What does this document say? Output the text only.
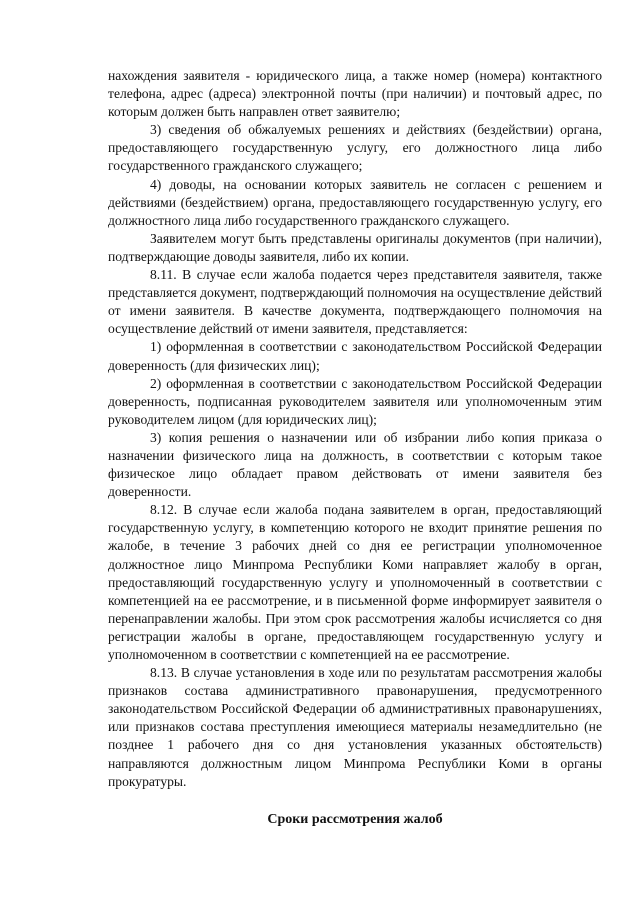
нахождения заявителя - юридического лица, а также номер (номера) контактного телефона, адрес (адреса) электронной почты (при наличии) и почтовый адрес, по которым должен быть направлен ответ заявителю;

3) сведения об обжалуемых решениях и действиях (бездействии) органа, предоставляющего государственную услугу, его должностного лица либо государственного гражданского служащего;

4) доводы, на основании которых заявитель не согласен с решением и действиями (бездействием) органа, предоставляющего государственную услугу, его должностного лица либо государственного гражданского служащего.

Заявителем могут быть представлены оригиналы документов (при наличии), подтверждающие доводы заявителя, либо их копии.

8.11. В случае если жалоба подается через представителя заявителя, также представляется документ, подтверждающий полномочия на осуществление действий от имени заявителя. В качестве документа, подтверждающего полномочия на осуществление действий от имени заявителя, представляется:

1) оформленная в соответствии с законодательством Российской Федерации доверенность (для физических лиц);

2) оформленная в соответствии с законодательством Российской Федерации доверенность, подписанная руководителем заявителя или уполномоченным этим руководителем лицом (для юридических лиц);

3) копия решения о назначении или об избрании либо копия приказа о назначении физического лица на должность, в соответствии с которым такое физическое лицо обладает правом действовать от имени заявителя без доверенности.

8.12. В случае если жалоба подана заявителем в орган, предоставляющий государственную услугу, в компетенцию которого не входит принятие решения по жалобе, в течение 3 рабочих дней со дня ее регистрации уполномоченное должностное лицо Минпрома Республики Коми направляет жалобу в орган, предоставляющий государственную услугу и уполномоченный в соответствии с компетенцией на ее рассмотрение, и в письменной форме информирует заявителя о перенаправлении жалобы. При этом срок рассмотрения жалобы исчисляется со дня регистрации жалобы в органе, предоставляющем государственную услугу и уполномоченном в соответствии с компетенцией на ее рассмотрение.

8.13. В случае установления в ходе или по результатам рассмотрения жалобы признаков состава административного правонарушения, предусмотренного законодательством Российской Федерации об административных правонарушениях, или признаков состава преступления имеющиеся материалы незамедлительно (не позднее 1 рабочего дня со дня установления указанных обстоятельств) направляются должностным лицом Минпрома Республики Коми в органы прокуратуры.

Сроки рассмотрения жалоб
